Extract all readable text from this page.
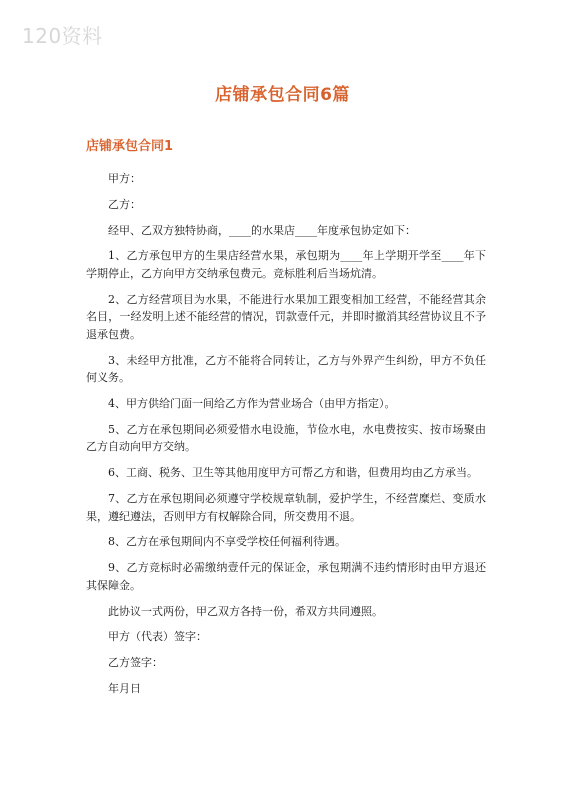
120资料
店铺承包合同6篇
店铺承包合同1

甲方：

乙方：

经甲、乙双方独特协商，____的水果店____年度承包协定如下：

1、乙方承包甲方的生果店经营水果，承包期为____年上学期开学至____年下学期停止，乙方向甲方交纳承包费元。竞标胜利后当场炕清。

2、乙方经营项目为水果，不能进行水果加工跟变相加工经营，不能经营其余名目，一经发明上述不能经营的情况，罚款壹仟元，并即时撤消其经营协议且不予退承包费。

3、未经甲方批准，乙方不能将合同转让，乙方与外界产生纠纷，甲方不负任何义务。

4、甲方供给门面一间给乙方作为营业场合（由甲方指定）。

5、乙方在承包期间必须爱惜水电设施，节俭水电，水电费按实、按市场聚由乙方自动向甲方交纳。

6、工商、税务、卫生等其他用度甲方可帮乙方和谐，但费用均由乙方承当。

7、乙方在承包期间必须遵守学校规章轨制，爱护学生，不经营糜烂、变质水果，遵纪遵法，否则甲方有权解除合同，所交费用不退。

8、乙方在承包期间内不享受学校任何福利待遇。

9、乙方竞标时必需缴纳壹仟元的保证金，承包期满不违约情形时由甲方退还其保障金。

此协议一式两份，甲乙双方各持一份，希双方共同遵照。

甲方（代表）签字：

乙方签字：

年月日
